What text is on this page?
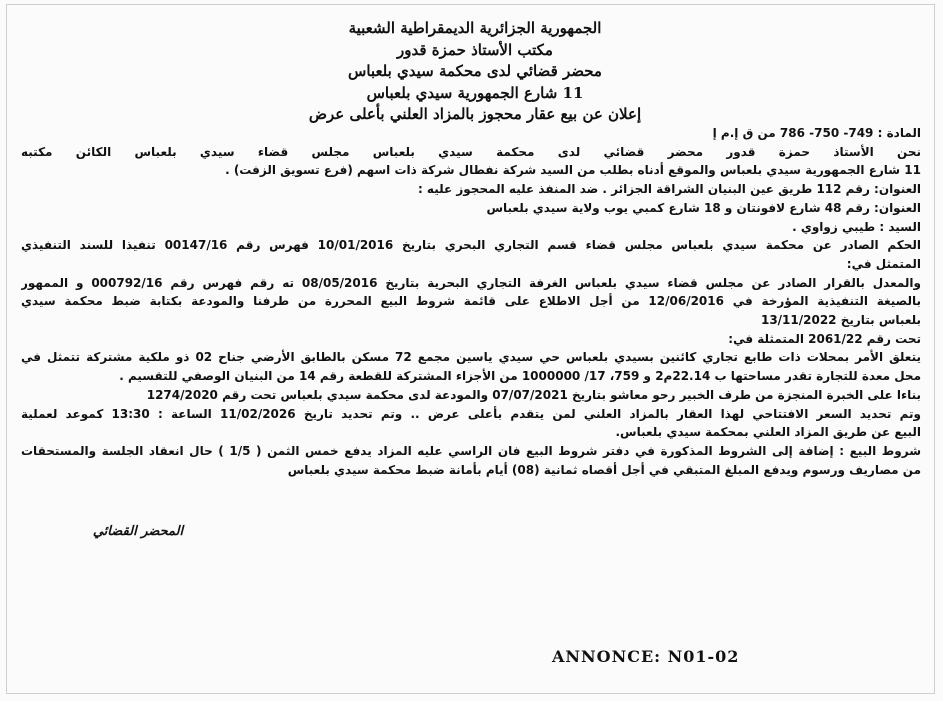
الجمهورية الجزائرية الديمقراطية الشعبية
مكتب الأستاذ حمزة قدور
محضر قضائي لدى محكمة سيدي بلعباس
11 شارع الجمهورية سيدي بلعباس
إعلان عن بيع عقار محجوز بالمزاد العلني بأعلى عرض
المادة : 749- 750- 786 من ق إ.م إ
نحن الأستاذ حمزة قدور محضر قضائي لدى محكمة سيدي بلعباس مجلس قضاء سيدي بلعباس الكائن مكتبه
11 شارع الجمهورية سيدي بلعباس والموقع أدناه بطلب من السيد شركة نفطال شركة ذات اسهم (فرع تسويق الزفت) .
العنوان: رقم 112 طريق عين البنيان الشراقة الجزائر . ضد المنفذ عليه المحجوز عليه :
العنوان: رقم 48 شارع لافونتان و 18 شارع كمبي يوب ولاية سيدي بلعباس
السيد : طيبي زواوي .
الحكم الصادر عن محكمة سيدي بلعباس مجلس قضاء قسم التجاري البحري بتاريخ 10/01/2016 فهرس رقم 00147/16 تنفيذا للسند التنفيذي
المتمثل في:
والمعدل بالقرار الصادر عن مجلس قضاء سيدي بلعباس الغرفة التجاري البحرية بتاريخ 08/05/2016 ته رقم فهرس رقم 000792/16 و الممهور
بالصيغة التنفيذية المؤرخة في 12/06/2016 من أجل الاطلاع على قائمة شروط البيع المحررة من طرفنا والمودعة بكتابة ضبط محكمة سيدي
بلعباس بتاريخ 13/11/2022
تحت رقم 2061/22 المتمثلة في:
يتعلق الأمر بمحلات ذات طابع تجاري كائنين بسيدي بلعباس حي سيدي ياسين مجمع 72 مسكن بالطابق الأرضي جناح 02 ذو ملكية مشتركة تتمثل في
محل معدة للتجارة تقدر مساحتها ب 22.14م2 و 759، 17/ 1000000 من الأجزاء المشتركة للقطعة رقم 14 من البنيان الوصفي للتقسيم .
بناءا على الخبرة المنجزة من طرف الخبير رحو معاشو بتاريخ 07/07/2021 والمودعة لدى محكمة سيدي بلعباس تحت رقم 1274/2020
وتم تحديد السعر الافتتاحي لهذا العقار بالمزاد العلني لمن يتقدم بأعلى عرض .. وتم تحديد تاريخ 11/02/2026 الساعة : 13:30 كموعد لعملية
البيع عن طريق المزاد العلني بمحكمة سيدي بلعباس.
شروط البيع : إضافة إلى الشروط المذكورة في دفتر شروط البيع فان الراسي عليه المزاد يدفع خمس الثمن ( 1/5 ) حال انعقاد الجلسة والمستحقات
من مصاريف ورسوم ويدفع المبلغ المتبقي في أجل أقصاه ثمانية (08) أيام بأمانة ضبط محكمة سيدي بلعباس
المحضر القضائي
ANNONCE: N01-02
